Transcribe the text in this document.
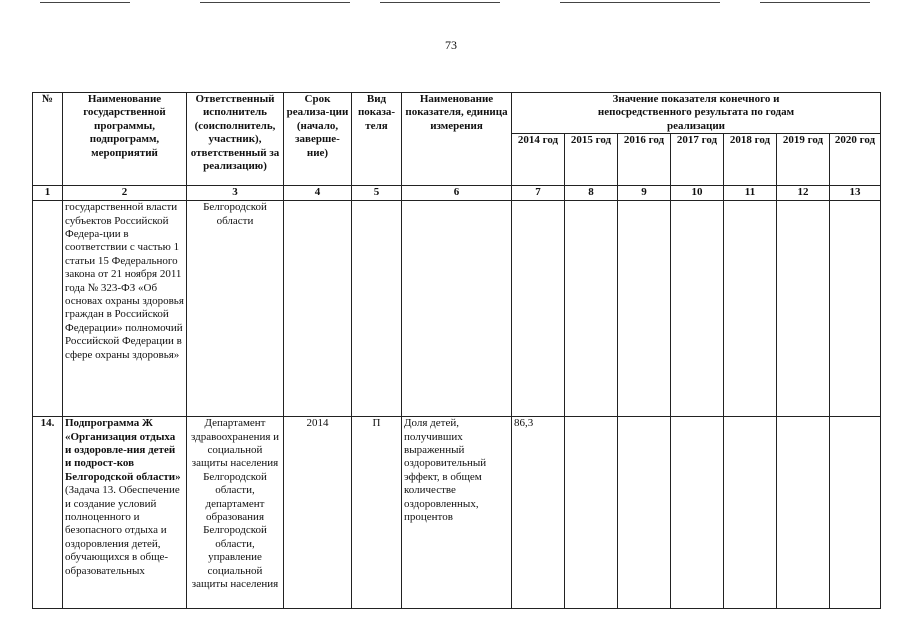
73
№	Наименование государственной программы, подпрограмм, мероприятий	Ответственный исполнитель (соисполнитель, участник), ответственный за реализацию)	Срок реализа-ции (начало, заверше-ние)	Вид показа-теля	Наименование показателя, единица измерения	Значение показателя конечного и непосредственного результата по годам реализации						
						2014 год	2015 год	2016 год	2017 год	2018 год	2019 год	2020 год
1	2	3	4	5	6	7	8	9	10	11	12	13
	государственной власти субъектов Российской Федера-ции в соответствии с частью 1 статьи 15 Федерального закона от 21 ноября 2011 года № 323-ФЗ «Об основах охраны здоровья граждан в Российской Федерации» полномочий Российской Федерации в сфере охраны здоровья»	Белгородской области										
14.	Подпрограмма Ж «Организация отдыха и оздоровле-ния детей и подрост-ков Белгородской области» (Задача 13. Обеспечение и создание условий полноценного и безопасного отдыха и оздоровления детей, обучающихся в обще-образовательных	Департамент здравоохранения и социальной защиты населения Белгородской области, департамент образования Белгородской области, управление социальной защиты населения	2014	П	Доля детей, получивших выраженный оздоровительный эффект, в общем количестве оздоровленных, процентов	86,3						
